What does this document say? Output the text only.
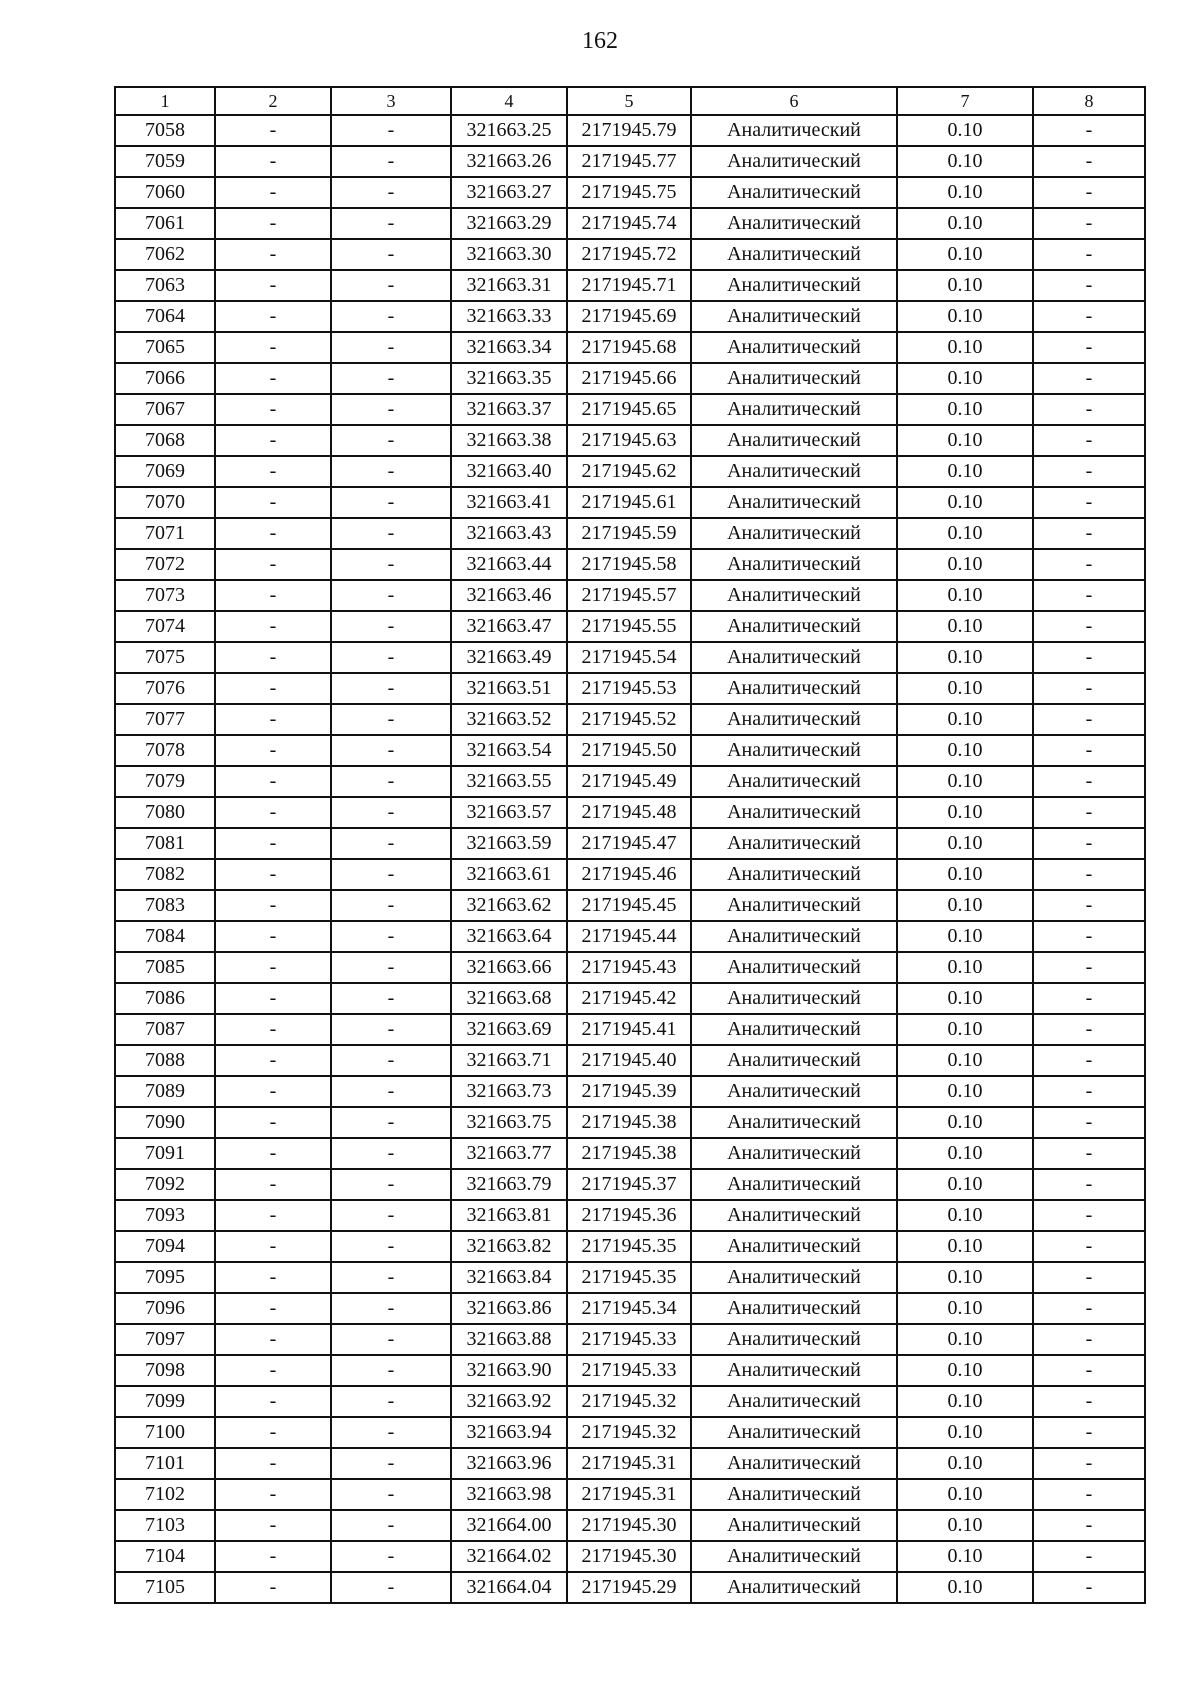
162
1	2	3	4	5	6	7	8
7058	-	-	321663.25	2171945.79	Аналитический	0.10	-
7059	-	-	321663.26	2171945.77	Аналитический	0.10	-
7060	-	-	321663.27	2171945.75	Аналитический	0.10	-
7061	-	-	321663.29	2171945.74	Аналитический	0.10	-
7062	-	-	321663.30	2171945.72	Аналитический	0.10	-
7063	-	-	321663.31	2171945.71	Аналитический	0.10	-
7064	-	-	321663.33	2171945.69	Аналитический	0.10	-
7065	-	-	321663.34	2171945.68	Аналитический	0.10	-
7066	-	-	321663.35	2171945.66	Аналитический	0.10	-
7067	-	-	321663.37	2171945.65	Аналитический	0.10	-
7068	-	-	321663.38	2171945.63	Аналитический	0.10	-
7069	-	-	321663.40	2171945.62	Аналитический	0.10	-
7070	-	-	321663.41	2171945.61	Аналитический	0.10	-
7071	-	-	321663.43	2171945.59	Аналитический	0.10	-
7072	-	-	321663.44	2171945.58	Аналитический	0.10	-
7073	-	-	321663.46	2171945.57	Аналитический	0.10	-
7074	-	-	321663.47	2171945.55	Аналитический	0.10	-
7075	-	-	321663.49	2171945.54	Аналитический	0.10	-
7076	-	-	321663.51	2171945.53	Аналитический	0.10	-
7077	-	-	321663.52	2171945.52	Аналитический	0.10	-
7078	-	-	321663.54	2171945.50	Аналитический	0.10	-
7079	-	-	321663.55	2171945.49	Аналитический	0.10	-
7080	-	-	321663.57	2171945.48	Аналитический	0.10	-
7081	-	-	321663.59	2171945.47	Аналитический	0.10	-
7082	-	-	321663.61	2171945.46	Аналитический	0.10	-
7083	-	-	321663.62	2171945.45	Аналитический	0.10	-
7084	-	-	321663.64	2171945.44	Аналитический	0.10	-
7085	-	-	321663.66	2171945.43	Аналитический	0.10	-
7086	-	-	321663.68	2171945.42	Аналитический	0.10	-
7087	-	-	321663.69	2171945.41	Аналитический	0.10	-
7088	-	-	321663.71	2171945.40	Аналитический	0.10	-
7089	-	-	321663.73	2171945.39	Аналитический	0.10	-
7090	-	-	321663.75	2171945.38	Аналитический	0.10	-
7091	-	-	321663.77	2171945.38	Аналитический	0.10	-
7092	-	-	321663.79	2171945.37	Аналитический	0.10	-
7093	-	-	321663.81	2171945.36	Аналитический	0.10	-
7094	-	-	321663.82	2171945.35	Аналитический	0.10	-
7095	-	-	321663.84	2171945.35	Аналитический	0.10	-
7096	-	-	321663.86	2171945.34	Аналитический	0.10	-
7097	-	-	321663.88	2171945.33	Аналитический	0.10	-
7098	-	-	321663.90	2171945.33	Аналитический	0.10	-
7099	-	-	321663.92	2171945.32	Аналитический	0.10	-
7100	-	-	321663.94	2171945.32	Аналитический	0.10	-
7101	-	-	321663.96	2171945.31	Аналитический	0.10	-
7102	-	-	321663.98	2171945.31	Аналитический	0.10	-
7103	-	-	321664.00	2171945.30	Аналитический	0.10	-
7104	-	-	321664.02	2171945.30	Аналитический	0.10	-
7105	-	-	321664.04	2171945.29	Аналитический	0.10	-
